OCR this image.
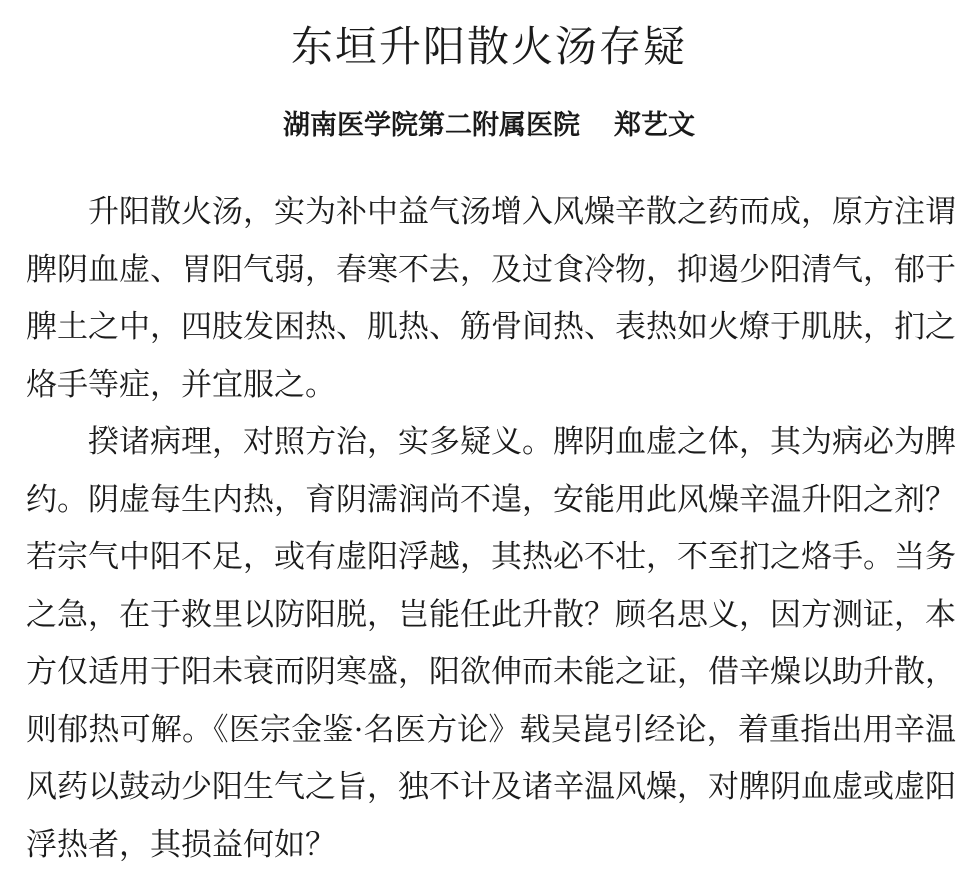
东垣升阳散火汤存疑
湖南医学院第二附属医院 郑艺文

升阳散火汤，实为补中益气汤增入风燥辛散之药而成，原方注谓脾阴血虚、胃阳气弱，春寒不去，及过食冷物，抑遏少阳清气，郁于脾土之中，四肢发困热、肌热、筋骨间热、表热如火燎于肌肤，扪之烙手等症，并宜服之。

揆诸病理，对照方治，实多疑义。脾阴血虚之体，其为病必为脾约。阴虚每生内热，育阴濡润尚不遑，安能用此风燥辛温升阳之剂？若宗气中阳不足，或有虚阳浮越，其热必不壮，不至扪之烙手。当务之急，在于救里以防阳脱，岂能任此升散？顾名思义，因方测证，本方仅适用于阳未衰而阴寒盛，阳欲伸而未能之证，借辛燥以助升散，则郁热可解。《医宗金鉴·名医方论》载吴崑引经论，着重指出用辛温风药以鼓动少阳生气之旨，独不计及诸辛温风燥，对脾阴血虚或虚阳浮热者，其损益何如？
